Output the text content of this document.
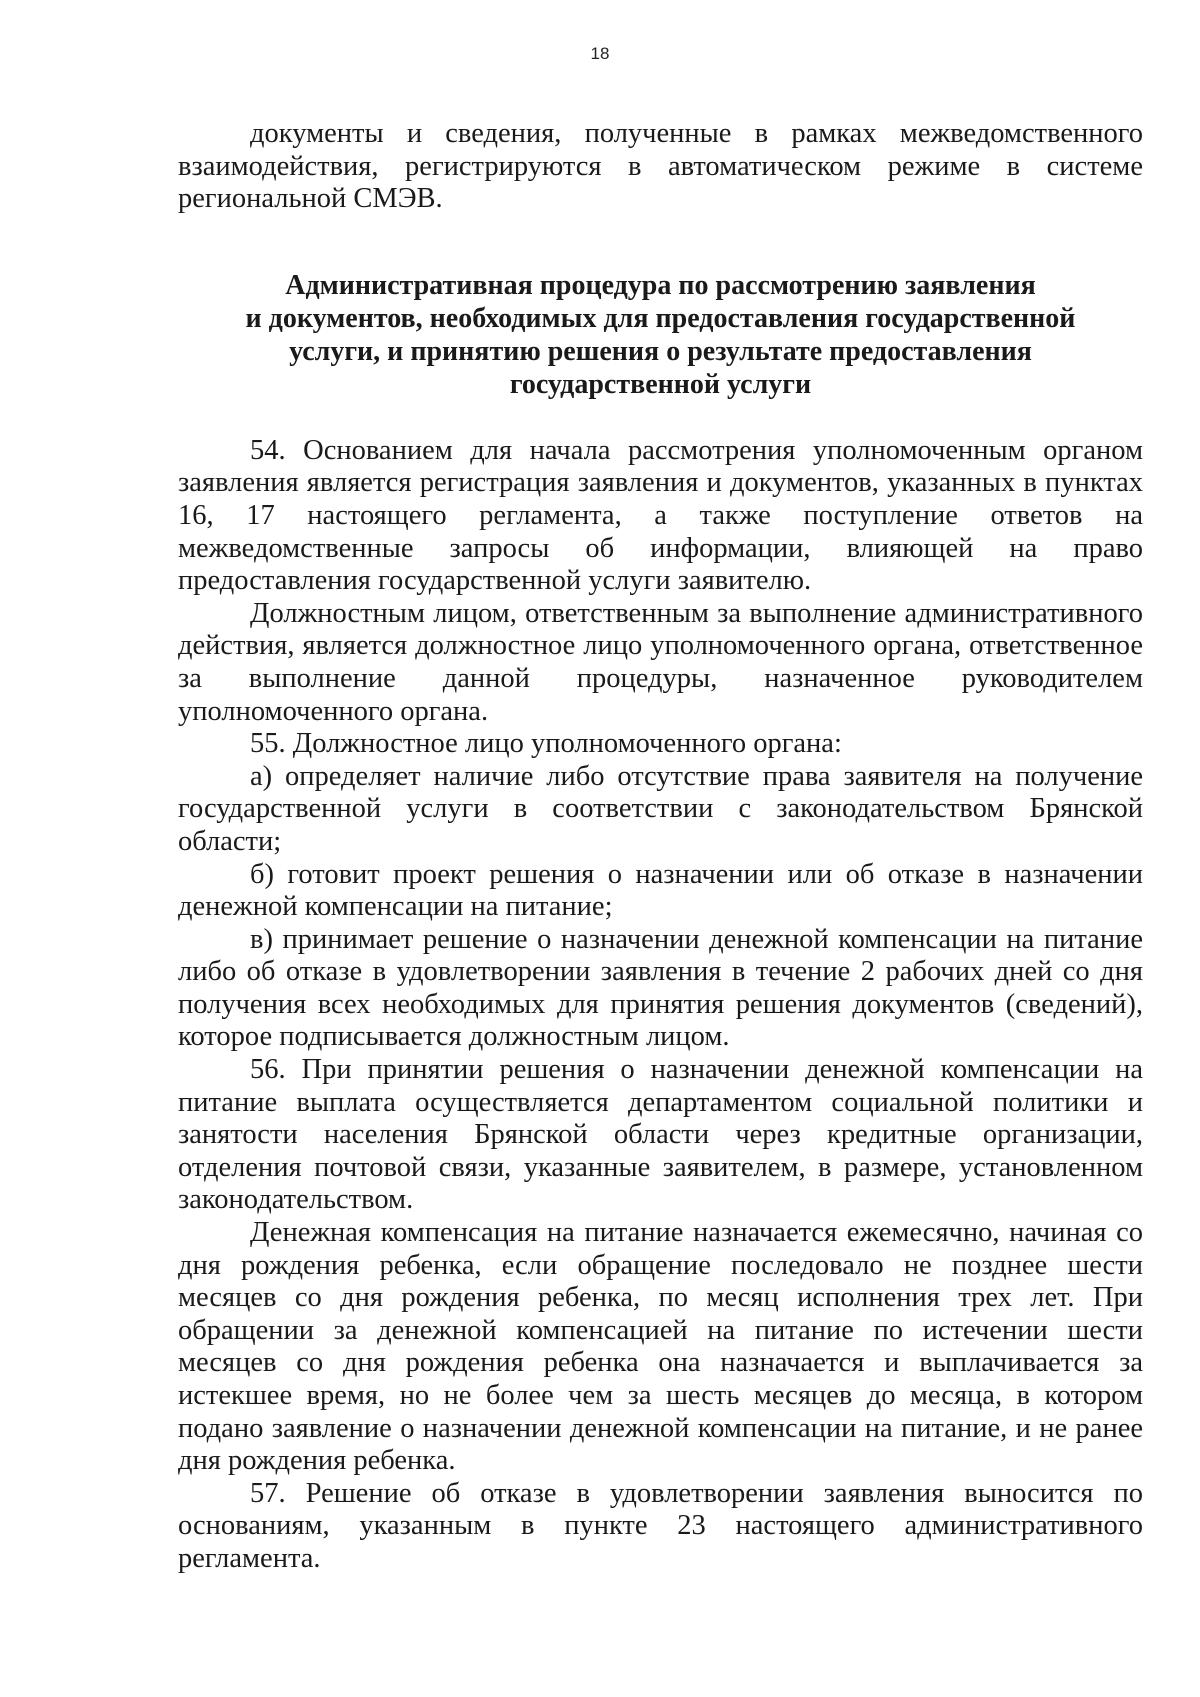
18

документы и сведения, полученные в рамках межведомственного взаимодействия, регистрируются в автоматическом режиме в системе региональной СМЭВ.

Административная процедура по рассмотрению заявления
и документов, необходимых для предоставления государственной
услуги, и принятию решения о результате предоставления
государственной услуги

54. Основанием для начала рассмотрения уполномоченным органом заявления является регистрация заявления и документов, указанных в пунктах 16, 17 настоящего регламента, а также поступление ответов на межведомственные запросы об информации, влияющей на право предоставления государственной услуги заявителю.

Должностным лицом, ответственным за выполнение административного действия, является должностное лицо уполномоченного органа, ответственное за выполнение данной процедуры, назначенное руководителем уполномоченного органа.

55. Должностное лицо уполномоченного органа:

а) определяет наличие либо отсутствие права заявителя на получение государственной услуги в соответствии с законодательством Брянской области;

б) готовит проект решения о назначении или об отказе в назначении денежной компенсации на питание;

в) принимает решение о назначении денежной компенсации на питание либо об отказе в удовлетворении заявления в течение 2 рабочих дней со дня получения всех необходимых для принятия решения документов (сведений), которое подписывается должностным лицом.

56. При принятии решения о назначении денежной компенсации на питание выплата осуществляется департаментом социальной политики и занятости населения Брянской области через кредитные организации, отделения почтовой связи, указанные заявителем, в размере, установленном законодательством.

Денежная компенсация на питание назначается ежемесячно, начиная со дня рождения ребенка, если обращение последовало не позднее шести месяцев со дня рождения ребенка, по месяц исполнения трех лет. При обращении за денежной компенсацией на питание по истечении шести месяцев со дня рождения ребенка она назначается и выплачивается за истекшее время, но не более чем за шесть месяцев до месяца, в котором подано заявление о назначении денежной компенсации на питание, и не ранее дня рождения ребенка.

57. Решение об отказе в удовлетворении заявления выносится по основаниям, указанным в пункте 23 настоящего административного регламента.
